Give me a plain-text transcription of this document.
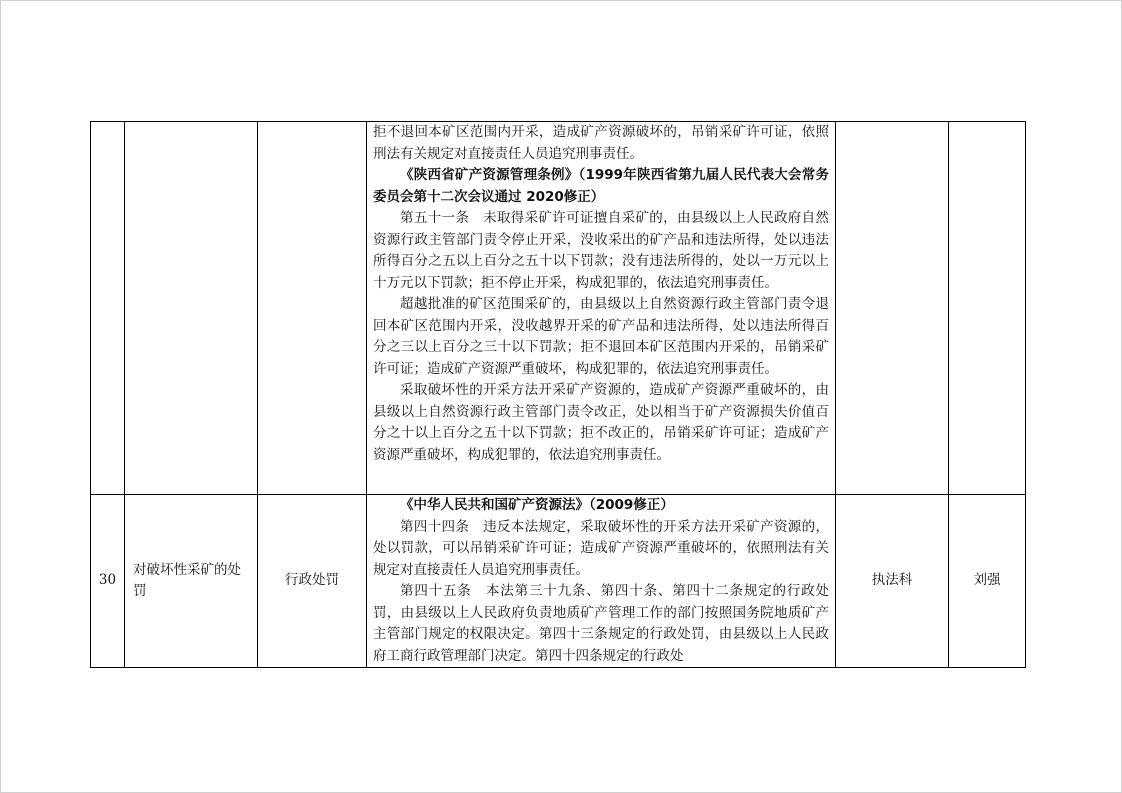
			拒不退回本矿区范围内开采，造成矿产资源破坏的，吊销采矿许可证，依照刑法有关规定对直接责任人员追究刑事责任。

《陕西省矿产资源管理条例》（1999年陕西省第九届人民代表大会常务委员会第十二次会议通过 2020修正）

第五十一条　未取得采矿许可证擅自采矿的，由县级以上人民政府自然资源行政主管部门责令停止开采，没收采出的矿产品和违法所得，处以违法所得百分之五以上百分之五十以下罚款；没有违法所得的，处以一万元以上十万元以下罚款；拒不停止开采，构成犯罪的，依法追究刑事责任。

超越批准的矿区范围采矿的，由县级以上自然资源行政主管部门责令退回本矿区范围内开采，没收越界开采的矿产品和违法所得，处以违法所得百分之三以上百分之三十以下罚款；拒不退回本矿区范围内开采的，吊销采矿许可证；造成矿产资源严重破坏，构成犯罪的，依法追究刑事责任。

采取破坏性的开采方法开采矿产资源的，造成矿产资源严重破坏的，由县级以上自然资源行政主管部门责令改正，处以相当于矿产资源损失价值百分之十以上百分之五十以下罚款；拒不改正的，吊销采矿许可证；造成矿产资源严重破坏，构成犯罪的，依法追究刑事责任。		

30	对破坏性采矿的处罚	行政处罚	《中华人民共和国矿产资源法》（2009修正）

第四十四条　违反本法规定，采取破坏性的开采方法开采矿产资源的，处以罚款，可以吊销采矿许可证；造成矿产资源严重破坏的，依照刑法有关规定对直接责任人员追究刑事责任。

第四十五条　本法第三十九条、第四十条、第四十二条规定的行政处罚，由县级以上人民政府负责地质矿产管理工作的部门按照国务院地质矿产主管部门规定的权限决定。第四十三条规定的行政处罚，由县级以上人民政府工商行政管理部门决定。第四十四条规定的行政处	执法科	刘强
